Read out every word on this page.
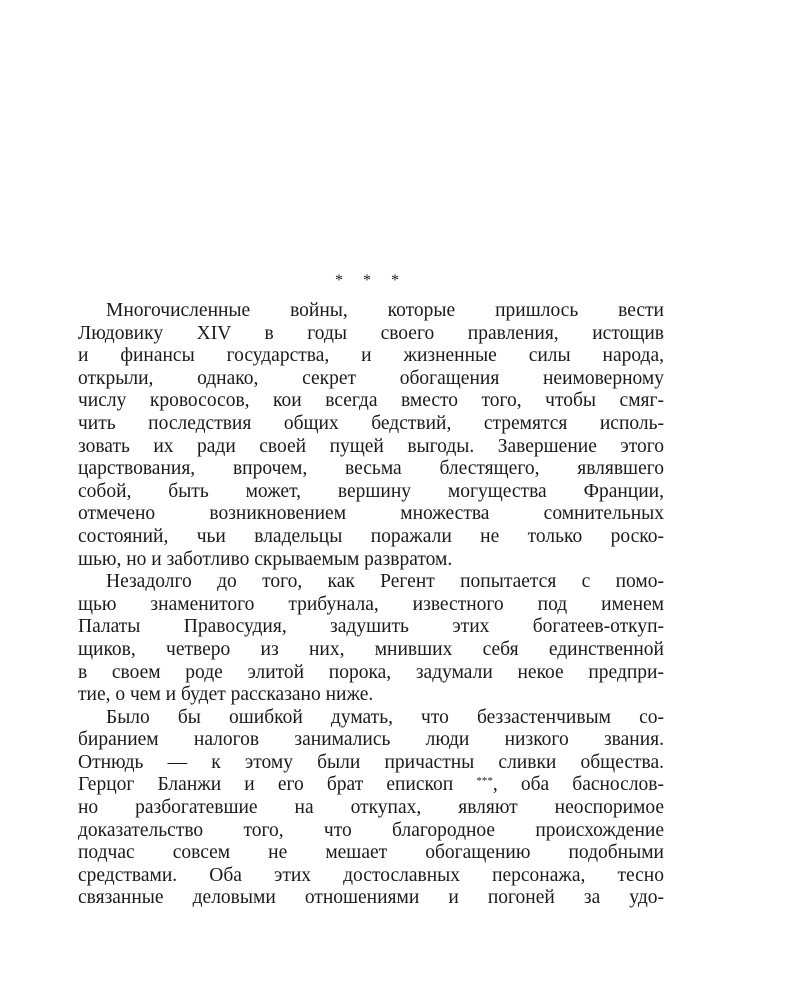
* * *
Многочисленные войны, которые пришлось вести
Людовику XIV в годы своего правления, истощив
и финансы государства, и жизненные силы народа,
открыли, однако, секрет обогащения неимоверному
числу кровососов, кои всегда вместо того, чтобы смяг-
чить последствия общих бедствий, стремятся исполь-
зовать их ради своей пущей выгоды. Завершение этого
царствования, впрочем, весьма блестящего, являвшего
собой, быть может, вершину могущества Франции,
отмечено возникновением множества сомнительных
состояний, чьи владельцы поражали не только роско-
шью, но и заботливо скрываемым развратом.
Незадолго до того, как Регент попытается с помо-
щью знаменитого трибунала, известного под именем
Палаты Правосудия, задушить этих богатеев-откуп-
щиков, четверо из них, мнивших себя единственной
в своем роде элитой порока, задумали некое предпри-
тие, о чем и будет рассказано ниже.
Было бы ошибкой думать, что беззастенчивым со-
биранием налогов занимались люди низкого звания.
Отнюдь — к этому были причастны сливки общества.
Герцог Бланжи и его брат епископ ***, оба баснослов-
но разбогатевшие на откупах, являют неоспоримое
доказательство того, что благородное происхождение
подчас совсем не мешает обогащению подобными
средствами. Оба этих достославных персонажа, тесно
связанные деловыми отношениями и погоней за удо-
